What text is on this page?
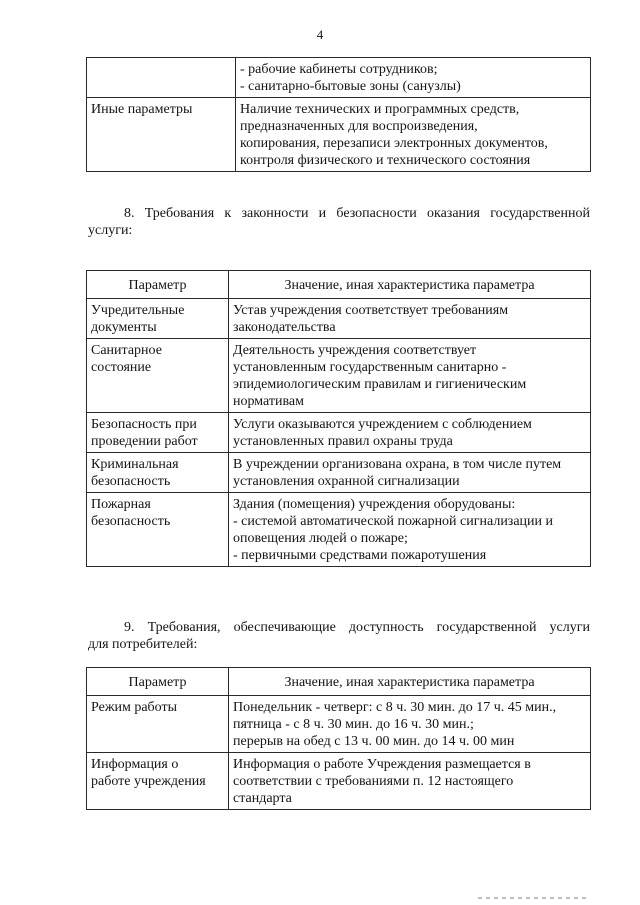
4

	- рабочие кабинеты сотрудников;
- санитарно-бытовые зоны (санузлы)

Иные параметры	Наличие технических и программных средств,
предназначенных для воспроизведения,
копирования, перезаписи электронных документов,
контроля физического и технического состояния
8. Требования к законности и безопасности оказания государственной
услуги:
Параметр	Значение, иная характеристика параметра

Учредительные
документы	Устав учреждения соответствует требованиям
законодательства

Санитарное
состояние	Деятельность учреждения соответствует
установленным государственным санитарно -
эпидемиологическим правилам и гигиеническим
нормативам

Безопасность при
проведении работ	Услуги оказываются учреждением с соблюдением
установленных правил охраны труда

Криминальная
безопасность	В учреждении организована охрана, в том числе путем
установления охранной сигнализации

Пожарная
безопасность	Здания (помещения) учреждения оборудованы:
- системой автоматической пожарной сигнализации и
оповещения людей о пожаре;
- первичными средствами пожаротушения
9. Требования, обеспечивающие доступность государственной услуги
для потребителей:
Параметр	Значение, иная характеристика параметра

Режим работы	Понедельник - четверг: с 8 ч. 30 мин. до 17 ч. 45 мин.,
пятница - с 8 ч. 30 мин. до 16 ч. 30 мин.;
перерыв на обед с 13 ч. 00 мин. до 14 ч. 00 мин

Информация о
работе учреждения	Информация о работе Учреждения размещается в
соответствии с требованиями п. 12 настоящего
стандарта
